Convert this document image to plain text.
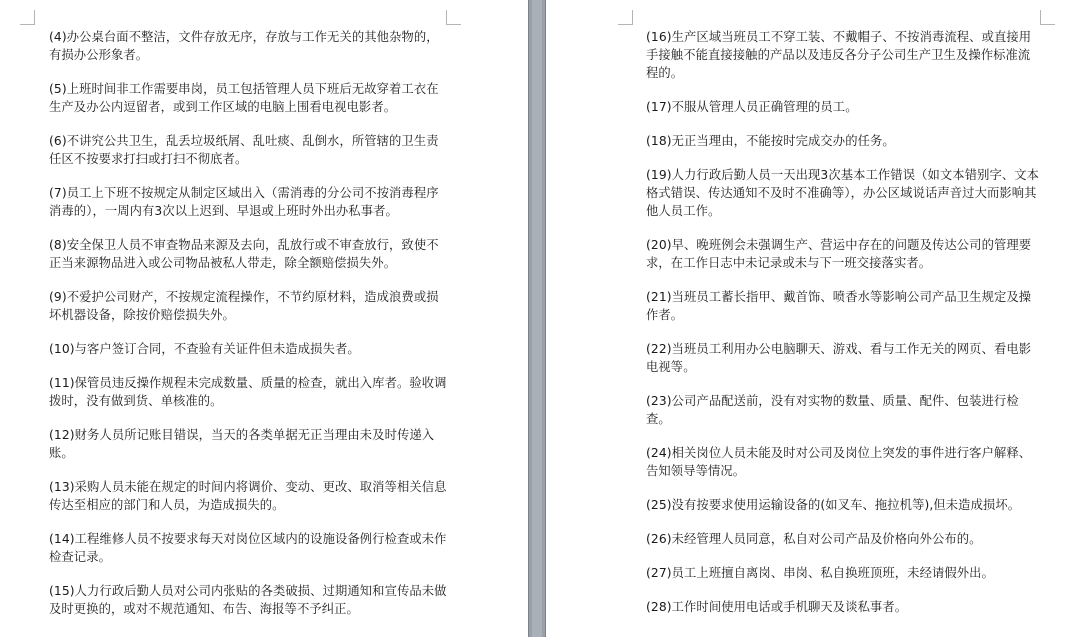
(4)办公桌台面不整洁，文件存放无序，存放与工作无关的其他杂物的，有损办公形象者。

(5)上班时间非工作需要串岗，员工包括管理人员下班后无故穿着工衣在生产及办公内逗留者，或到工作区域的电脑上围看电视电影者。

(6)不讲究公共卫生，乱丢垃圾纸屑、乱吐痰、乱倒水，所管辖的卫生责任区不按要求打扫或打扫不彻底者。

(7)员工上下班不按规定从制定区域出入（需消毒的分公司不按消毒程序消毒的），一周内有3次以上迟到、早退或上班时外出办私事者。

(8)安全保卫人员不审查物品来源及去向，乱放行或不审查放行，致使不正当来源物品进入或公司物品被私人带走，除全额赔偿损失外。

(9)不爱护公司财产，不按规定流程操作，不节约原材料，造成浪费或损坏机器设备，除按价赔偿损失外。

(10)与客户签订合同，不查验有关证件但未造成损失者。

(11)保管员违反操作规程未完成数量、质量的检查，就出入库者。验收调拨时，没有做到货、单核准的。

(12)财务人员所记账目错误，当天的各类单据无正当理由未及时传递入账。

(13)采购人员未能在规定的时间内将调价、变动、更改、取消等相关信息传达至相应的部门和人员，为造成损失的。

(14)工程维修人员不按要求每天对岗位区域内的设施设备例行检查或未作检查记录。

(15)人力行政后勤人员对公司内张贴的各类破损、过期通知和宣传品未做及时更换的，或对不规范通知、布告、海报等不予纠正。

(16)生产区域当班员工不穿工装、不戴帽子、不按消毒流程、或直接用手接触不能直接接触的产品以及违反各分子公司生产卫生及操作标准流程的。

(17)不服从管理人员正确管理的员工。

(18)无正当理由，不能按时完成交办的任务。

(19)人力行政后勤人员一天出现3次基本工作错误（如文本错别字、文本格式错误、传达通知不及时不准确等），办公区域说话声音过大而影响其他人员工作。

(20)早、晚班例会未强调生产、营运中存在的问题及传达公司的管理要求，在工作日志中未记录或未与下一班交接落实者。

(21)当班员工蓄长指甲、戴首饰、喷香水等影响公司产品卫生规定及操作者。

(22)当班员工利用办公电脑聊天、游戏、看与工作无关的网页、看电影电视等。

(23)公司产品配送前，没有对实物的数量、质量、配件、包装进行检查。

(24)相关岗位人员未能及时对公司及岗位上突发的事件进行客户解释、告知领导等情况。

(25)没有按要求使用运输设备的(如叉车、拖拉机等),但未造成损坏。

(26)未经管理人员同意，私自对公司产品及价格向外公布的。

(27)员工上班擅自离岗、串岗、私自换班顶班，未经请假外出。

(28)工作时间使用电话或手机聊天及谈私事者。
